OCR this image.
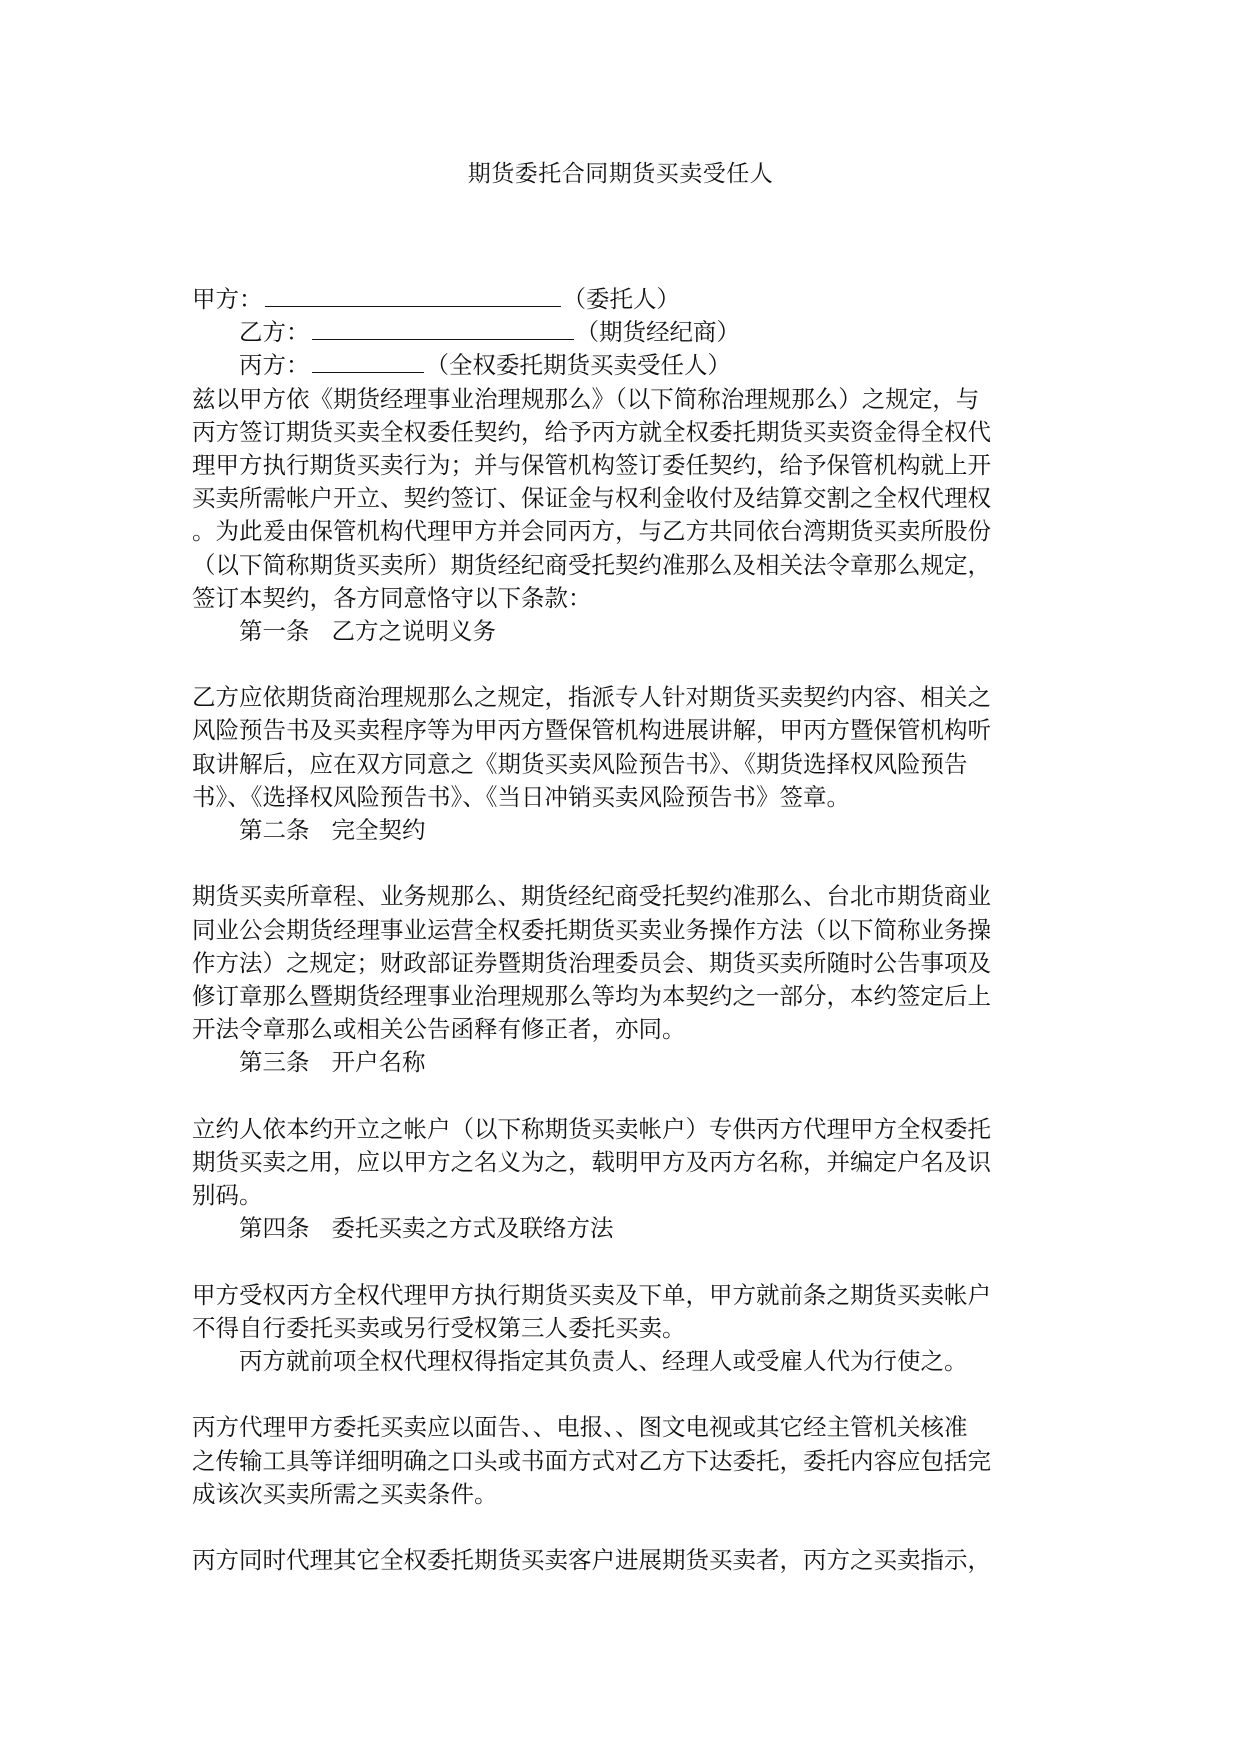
期货委托合同期货买卖受任人
甲方：	（委托人）
乙方：	（期货经纪商）
丙方：	（全权委托期货买卖受任人）
兹以甲方依《期货经理事业治理规那么》（以下简称治理规那么）之规定，与
丙方签订期货买卖全权委任契约，给予丙方就全权委托期货买卖资金得全权代
理甲方执行期货买卖行为；并与保管机构签订委任契约，给予保管机构就上开
买卖所需帐户开立、契约签订、保证金与权利金收付及结算交割之全权代理权
。为此爰由保管机构代理甲方并会同丙方，与乙方共同依台湾期货买卖所股份
（以下简称期货买卖所）期货经纪商受托契约准那么及相关法令章那么规定，
签订本契约，各方同意恪守以下条款：
第一条 乙方之说明义务
乙方应依期货商治理规那么之规定，指派专人针对期货买卖契约内容、相关之
风险预告书及买卖程序等为甲丙方暨保管机构进展讲解，甲丙方暨保管机构听
取讲解后，应在双方同意之《期货买卖风险预告书》、《期货选择权风险预告
书》、《选择权风险预告书》、《当日冲销买卖风险预告书》签章。
第二条 完全契约
期货买卖所章程、业务规那么、期货经纪商受托契约准那么、台北市期货商业
同业公会期货经理事业运营全权委托期货买卖业务操作方法（以下简称业务操
作方法）之规定；财政部证券暨期货治理委员会、期货买卖所随时公告事项及
修订章那么暨期货经理事业治理规那么等均为本契约之一部分，本约签定后上
开法令章那么或相关公告函释有修正者，亦同。
第三条 开户名称
立约人依本约开立之帐户（以下称期货买卖帐户）专供丙方代理甲方全权委托
期货买卖之用，应以甲方之名义为之，载明甲方及丙方名称，并编定户名及识
别码。
第四条 委托买卖之方式及联络方法
甲方受权丙方全权代理甲方执行期货买卖及下单，甲方就前条之期货买卖帐户
不得自行委托买卖或另行受权第三人委托买卖。
丙方就前项全权代理权得指定其负责人、经理人或受雇人代为行使之。
丙方代理甲方委托买卖应以面告、、电报、、图文电视或其它经主管机关核准
之传输工具等详细明确之口头或书面方式对乙方下达委托，委托内容应包括完
成该次买卖所需之买卖条件。
丙方同时代理其它全权委托期货买卖客户进展期货买卖者，丙方之买卖指示，
